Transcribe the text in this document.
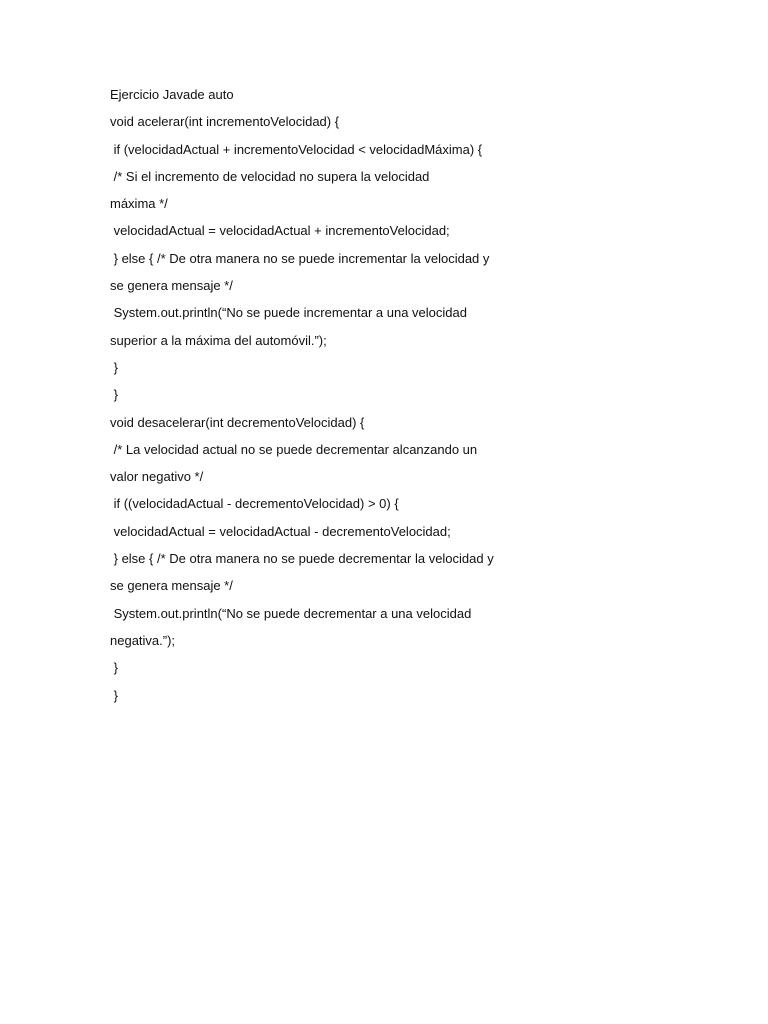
Ejercicio Javade auto
void acelerar(int incrementoVelocidad) {
if (velocidadActual + incrementoVelocidad < velocidadMáxima) {
/* Si el incremento de velocidad no supera la velocidad
máxima */
velocidadActual = velocidadActual + incrementoVelocidad;
} else { /* De otra manera no se puede incrementar la velocidad y
se genera mensaje */
System.out.println(“No se puede incrementar a una velocidad
superior a la máxima del automóvil.”);
}
}
void desacelerar(int decrementoVelocidad) {
/* La velocidad actual no se puede decrementar alcanzando un
valor negativo */
if ((velocidadActual - decrementoVelocidad) > 0) {
velocidadActual = velocidadActual - decrementoVelocidad;
} else { /* De otra manera no se puede decrementar la velocidad y
se genera mensaje */
System.out.println(“No se puede decrementar a una velocidad
negativa.”);
}
}
